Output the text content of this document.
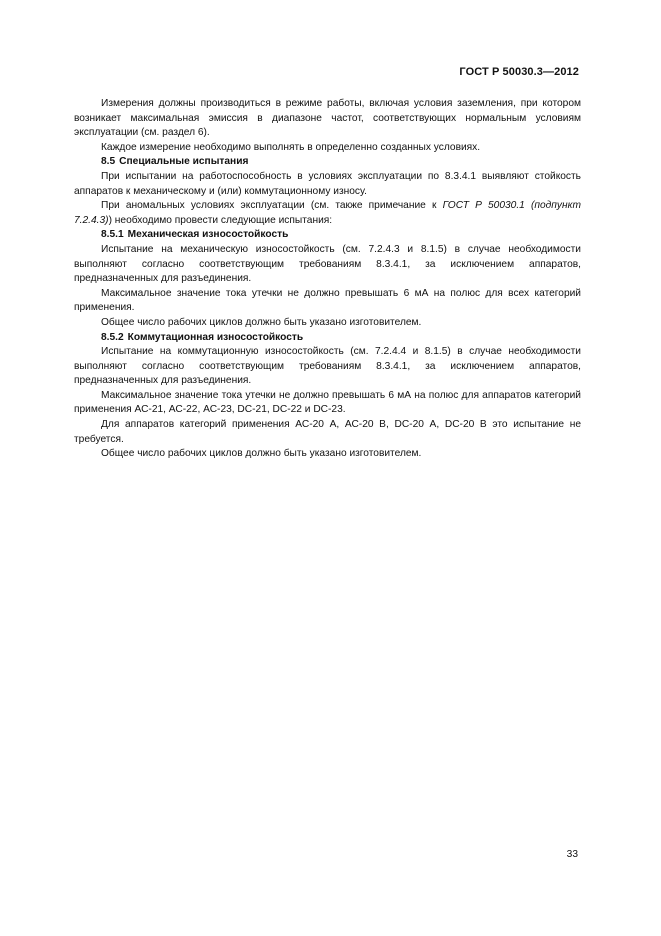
ГОСТ Р 50030.3—2012

Измерения должны производиться в режиме работы, включая условия заземления, при котором возникает максимальная эмиссия в диапазоне частот, соответствующих нормальным условиям эксплуатации (см. раздел 6).

Каждое измерение необходимо выполнять в определенно созданных условиях.

8.5 Специальные испытания

При испытании на работоспособность в условиях эксплуатации по 8.3.4.1 выявляют стойкость аппаратов к механическому и (или) коммутационному износу.

При аномальных условиях эксплуатации (см. также примечание к ГОСТ Р 50030.1 (подпункт 7.2.4.3)) необходимо провести следующие испытания:

8.5.1 Механическая износостойкость

Испытание на механическую износостойкость (см. 7.2.4.3 и 8.1.5) в случае необходимости выполняют согласно соответствующим требованиям 8.3.4.1, за исключением аппаратов, предназначенных для разъединения.

Максимальное значение тока утечки не должно превышать 6 мА на полюс для всех категорий применения.

Общее число рабочих циклов должно быть указано изготовителем.

8.5.2 Коммутационная износостойкость

Испытание на коммутационную износостойкость (см. 7.2.4.4 и 8.1.5) в случае необходимости выполняют согласно соответствующим требованиям 8.3.4.1, за исключением аппаратов, предназначенных для разъединения.

Максимальное значение тока утечки не должно превышать 6 мА на полюс для аппаратов категорий применения АС-21, АС-22, АС-23, DC-21, DC-22 и DC-23.

Для аппаратов категорий применения АС-20 А, АС-20 В, DC-20 А, DC-20 В это испытание не требуется.

Общее число рабочих циклов должно быть указано изготовителем.

33
